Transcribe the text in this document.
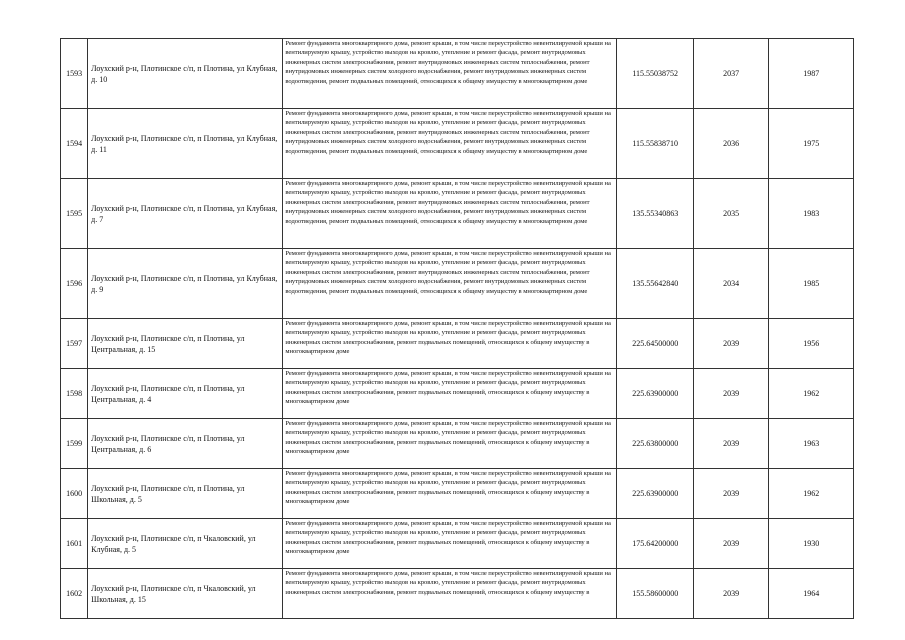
1593	Лоухский р-н, Плотинское с/п, п Плотина, ул Клубная, д. 10	Ремонт фундамента многоквартирного дома, ремонт крыши, в том числе переустройство невентилируемой крыши на вентилируемую крышу, устройство выходов на кровлю, утепление и ремонт фасада, ремонт внутридомовых инженерных систем электроснабжения, ремонт внутридомовых инженерных систем теплоснабжения, ремонт внутридомовых инженерных систем холодного водоснабжения, ремонт внутридомовых инженерных систем водоотведения, ремонт подвальных помещений, относящихся к общему имуществу в многоквартирном доме	115.55038752	2037	1987
1594	Лоухский р-н, Плотинское с/п, п Плотина, ул Клубная, д. 11	Ремонт фундамента многоквартирного дома, ремонт крыши, в том числе переустройство невентилируемой крыши на вентилируемую крышу, устройство выходов на кровлю, утепление и ремонт фасада, ремонт внутридомовых инженерных систем электроснабжения, ремонт внутридомовых инженерных систем теплоснабжения, ремонт внутридомовых инженерных систем холодного водоснабжения, ремонт внутридомовых инженерных систем водоотведения, ремонт подвальных помещений, относящихся к общему имуществу в многоквартирном доме	115.55838710	2036	1975
1595	Лоухский р-н, Плотинское с/п, п Плотина, ул Клубная, д. 7	Ремонт фундамента многоквартирного дома, ремонт крыши, в том числе переустройство невентилируемой крыши на вентилируемую крышу, устройство выходов на кровлю, утепление и ремонт фасада, ремонт внутридомовых инженерных систем электроснабжения, ремонт внутридомовых инженерных систем теплоснабжения, ремонт внутридомовых инженерных систем холодного водоснабжения, ремонт внутридомовых инженерных систем водоотведения, ремонт подвальных помещений, относящихся к общему имуществу в многоквартирном доме	135.55340863	2035	1983
1596	Лоухский р-н, Плотинское с/п, п Плотина, ул Клубная, д. 9	Ремонт фундамента многоквартирного дома, ремонт крыши, в том числе переустройство невентилируемой крыши на вентилируемую крышу, устройство выходов на кровлю, утепление и ремонт фасада, ремонт внутридомовых инженерных систем электроснабжения, ремонт внутридомовых инженерных систем теплоснабжения, ремонт внутридомовых инженерных систем холодного водоснабжения, ремонт внутридомовых инженерных систем водоотведения, ремонт подвальных помещений, относящихся к общему имуществу в многоквартирном доме	135.55642840	2034	1985
1597	Лоухский р-н, Плотинское с/п, п Плотина, ул Центральная, д. 15	Ремонт фундамента многоквартирного дома, ремонт крыши, в том числе переустройство невентилируемой крыши на вентилируемую крышу, устройство выходов на кровлю, утепление и ремонт фасада, ремонт внутридомовых инженерных систем электроснабжения, ремонт подвальных помещений, относящихся к общему имуществу в многоквартирном доме	225.64500000	2039	1956
1598	Лоухский р-н, Плотинское с/п, п Плотина, ул Центральная, д. 4	Ремонт фундамента многоквартирного дома, ремонт крыши, в том числе переустройство невентилируемой крыши на вентилируемую крышу, устройство выходов на кровлю, утепление и ремонт фасада, ремонт внутридомовых инженерных систем электроснабжения, ремонт подвальных помещений, относящихся к общему имуществу в многоквартирном доме	225.63900000	2039	1962
1599	Лоухский р-н, Плотинское с/п, п Плотина, ул Центральная, д. 6	Ремонт фундамента многоквартирного дома, ремонт крыши, в том числе переустройство невентилируемой крыши на вентилируемую крышу, устройство выходов на кровлю, утепление и ремонт фасада, ремонт внутридомовых инженерных систем электроснабжения, ремонт подвальных помещений, относящихся к общему имуществу в многоквартирном доме	225.63800000	2039	1963
1600	Лоухский р-н, Плотинское с/п, п Плотина, ул Школьная, д. 5	Ремонт фундамента многоквартирного дома, ремонт крыши, в том числе переустройство невентилируемой крыши на вентилируемую крышу, устройство выходов на кровлю, утепление и ремонт фасада, ремонт внутридомовых инженерных систем электроснабжения, ремонт подвальных помещений, относящихся к общему имуществу в многоквартирном доме	225.63900000	2039	1962
1601	Лоухский р-н, Плотинское с/п, п Чкаловский, ул Клубная, д. 5	Ремонт фундамента многоквартирного дома, ремонт крыши, в том числе переустройство невентилируемой крыши на вентилируемую крышу, устройство выходов на кровлю, утепление и ремонт фасада, ремонт внутридомовых инженерных систем электроснабжения, ремонт подвальных помещений, относящихся к общему имуществу в многоквартирном доме	175.64200000	2039	1930
1602	Лоухский р-н, Плотинское с/п, п Чкаловский, ул Школьная, д. 15	Ремонт фундамента многоквартирного дома, ремонт крыши, в том числе переустройство невентилируемой крыши на вентилируемую крышу, устройство выходов на кровлю, утепление и ремонт фасада, ремонт внутридомовых инженерных систем электроснабжения, ремонт подвальных помещений, относящихся к общему имуществу в	155.58600000	2039	1964
